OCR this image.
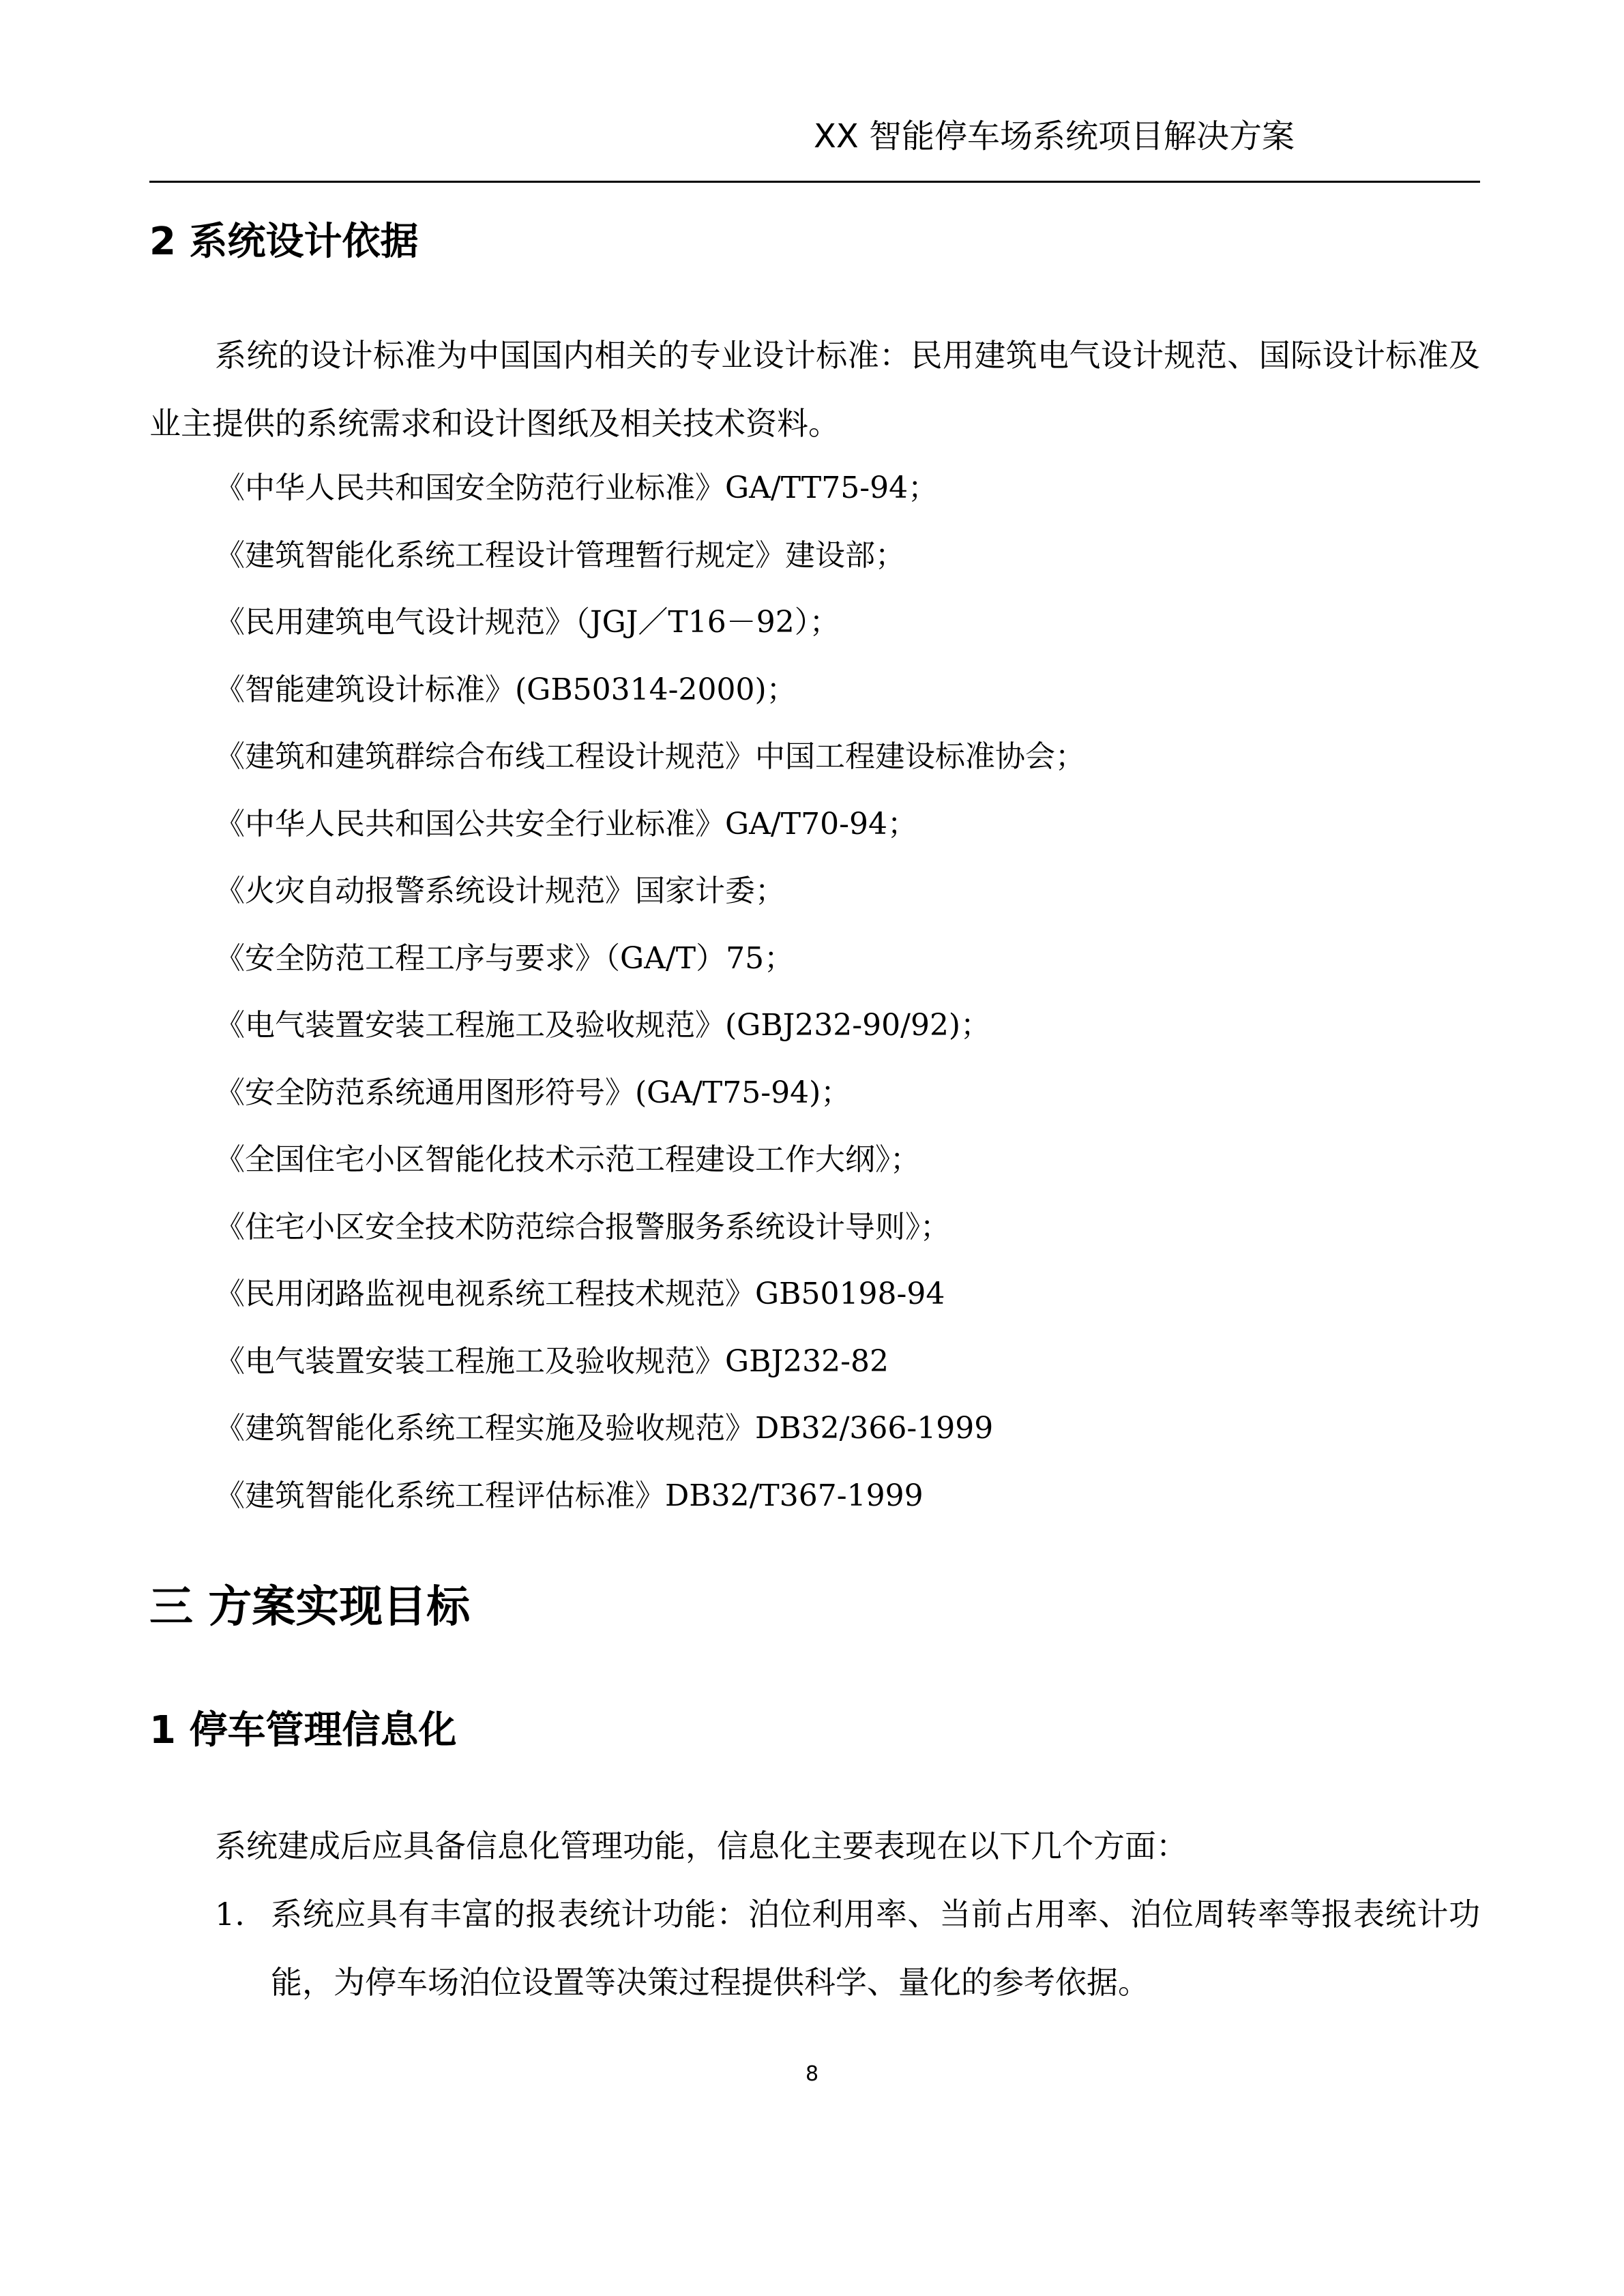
XX 智能停车场系统项目解决方案
2 系统设计依据
系统的设计标准为中国国内相关的专业设计标准：民用建筑电气设计规范、国际设计标准及业主提供的系统需求和设计图纸及相关技术资料。
《中华人民共和国安全防范行业标准》GA/TT75-94；
《建筑智能化系统工程设计管理暂行规定》建设部；
《民用建筑电气设计规范》（JGJ／T16－92）；
《智能建筑设计标准》(GB50314-2000)；
《建筑和建筑群综合布线工程设计规范》中国工程建设标准协会；
《中华人民共和国公共安全行业标准》GA/T70-94；
《火灾自动报警系统设计规范》国家计委；
《安全防范工程工序与要求》（GA/T）75；
《电气装置安装工程施工及验收规范》(GBJ232-90/92)；
《安全防范系统通用图形符号》(GA/T75-94)；
《全国住宅小区智能化技术示范工程建设工作大纲》；
《住宅小区安全技术防范综合报警服务系统设计导则》；
《民用闭路监视电视系统工程技术规范》GB50198-94
《电气装置安装工程施工及验收规范》GBJ232-82
《建筑智能化系统工程实施及验收规范》DB32/366-1999
《建筑智能化系统工程评估标准》DB32/T367-1999
三 方案实现目标
1 停车管理信息化
系统建成后应具备信息化管理功能，信息化主要表现在以下几个方面：
1. 系统应具有丰富的报表统计功能：泊位利用率、当前占用率、泊位周转率等报表统计功能，为停车场泊位设置等决策过程提供科学、量化的参考依据。
8
